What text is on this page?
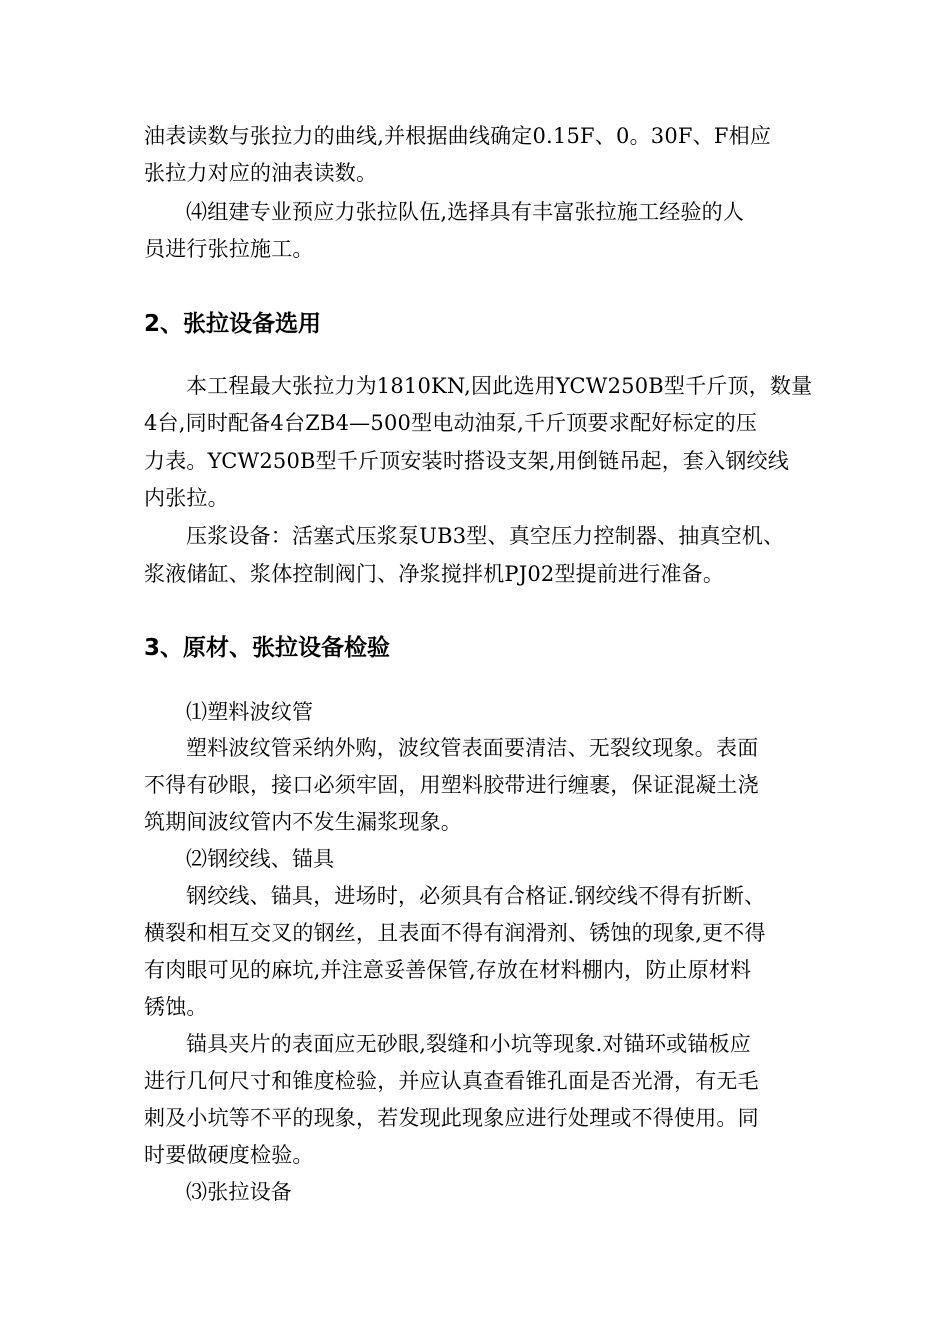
油表读数与张拉力的曲线,并根据曲线确定0.15F、0。30F、F相应
张拉力对应的油表读数。
⑷组建专业预应力张拉队伍,选择具有丰富张拉施工经验的人
员进行张拉施工。
2、张拉设备选用
本工程最大张拉力为1810KN,因此选用YCW250B型千斤顶，数量
4台,同时配备4台ZB4—500型电动油泵,千斤顶要求配好标定的压
力表。YCW250B型千斤顶安装时搭设支架,用倒链吊起，套入钢绞线
内张拉。
压浆设备：活塞式压浆泵UB3型、真空压力控制器、抽真空机、
浆液储缸、浆体控制阀门、净浆搅拌机PJ02型提前进行准备。
3、原材、张拉设备检验
⑴塑料波纹管
塑料波纹管采纳外购，波纹管表面要清洁、无裂纹现象。表面
不得有砂眼，接口必须牢固，用塑料胶带进行缠裹，保证混凝土浇
筑期间波纹管内不发生漏浆现象。
⑵钢绞线、锚具
钢绞线、锚具，进场时，必须具有合格证.钢绞线不得有折断、
横裂和相互交叉的钢丝，且表面不得有润滑剂、锈蚀的现象,更不得
有肉眼可见的麻坑,并注意妥善保管,存放在材料棚内，防止原材料
锈蚀。
锚具夹片的表面应无砂眼,裂缝和小坑等现象.对锚环或锚板应
进行几何尺寸和锥度检验，并应认真查看锥孔面是否光滑，有无毛
刺及小坑等不平的现象，若发现此现象应进行处理或不得使用。同
时要做硬度检验。
⑶张拉设备
